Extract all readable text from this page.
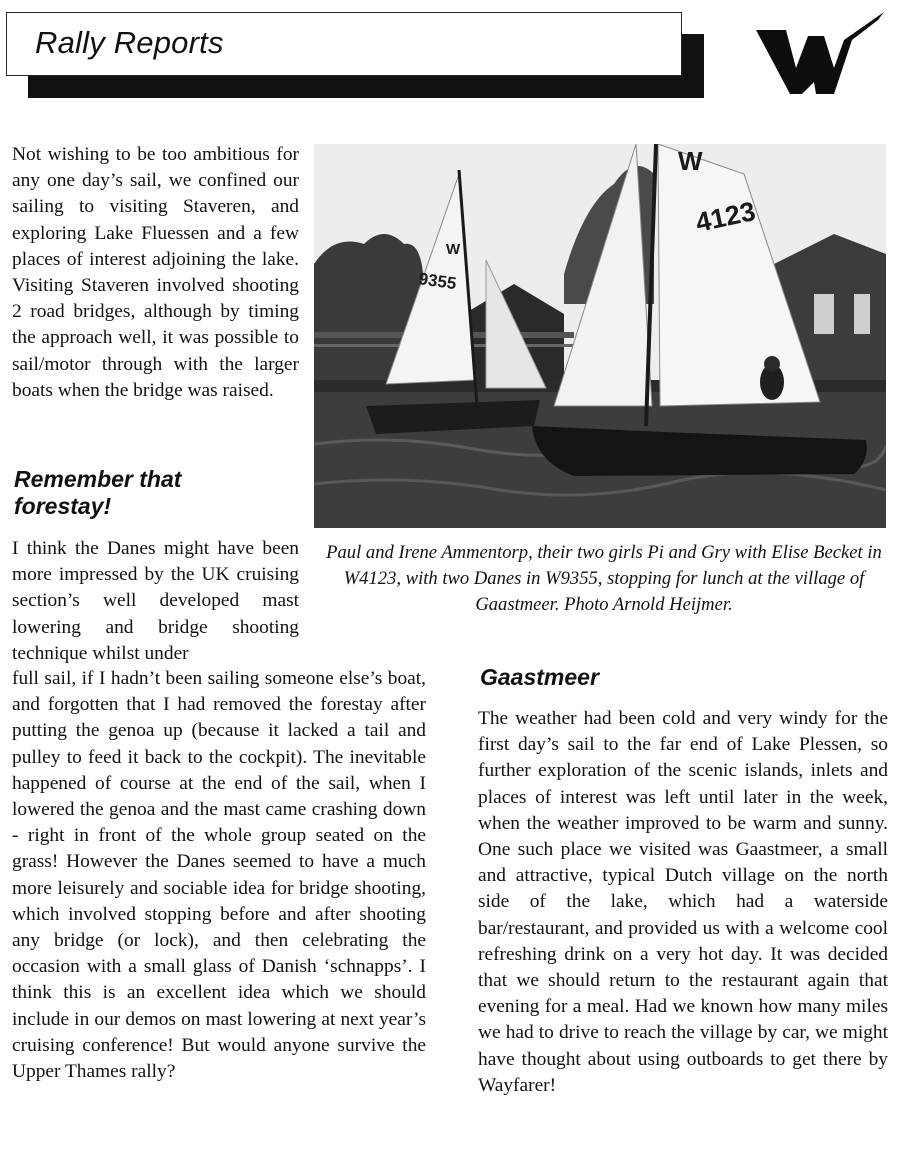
Rally Reports

Not wishing to be too ambitious for any one day’s sail, we confined our sailing to visiting Staveren, and exploring Lake Fluessen and a few places of interest adjoining the lake. Visiting Staveren involved shooting 2 road bridges, although by timing the approach well, it was possible to sail/motor through with the larger boats when the bridge was raised.

Remember that forestay!

I think the Danes might have been more impressed by the UK cruising section’s well developed mast lowering and bridge shooting technique whilst under

full sail, if I hadn’t been sailing someone else’s boat, and forgotten that I had removed the forestay after putting the genoa up (because it lacked a tail and pulley to feed it back to the cockpit). The inevitable happened of course at the end of the sail, when I lowered the genoa and the mast came crashing down - right in front of the whole group seated on the grass! However the Danes seemed to have a much more leisurely and sociable idea for bridge shooting, which involved stopping before and after shooting any bridge (or lock), and then celebrating the occasion with a small glass of Danish ‘schnapps’. I think this is an excellent idea which we should include in our demos on mast lowering at next year’s cruising conference! But would anyone survive the Upper Thames rally?

W
9355
W
4123
Paul and Irene Ammentorp, their two girls Pi and Gry with Elise Becket in W4123, with two Danes in W9355, stopping for lunch at the village of Gaastmeer. Photo Arnold Heijmer.
Gaastmeer

The weather had been cold and very windy for the first day’s sail to the far end of Lake Plessen, so further exploration of the scenic islands, inlets and places of interest was left until later in the week, when the weather improved to be warm and sunny. One such place we visited was Gaastmeer, a small and attractive, typical Dutch village on the north side of the lake, which had a waterside bar/restaurant, and provided us with a welcome cool refreshing drink on a very hot day. It was decided that we should return to the restaurant again that evening for a meal. Had we known how many miles we had to drive to reach the village by car, we might have thought about using outboards to get there by Wayfarer!
